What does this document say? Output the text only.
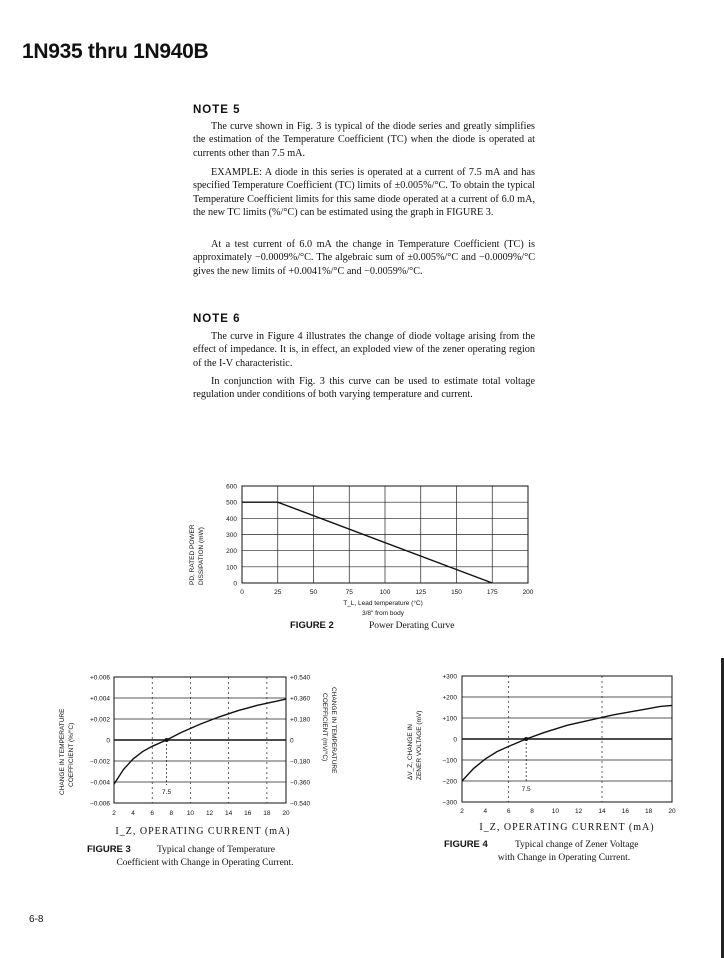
1N935 thru 1N940B
NOTE 5

The curve shown in Fig. 3 is typical of the diode series and greatly simplifies the estimation of the Temperature Coefficient (TC) when the diode is operated at currents other than 7.5 mA.

EXAMPLE: A diode in this series is operated at a current of 7.5 mA and has specified Temperature Coefficient (TC) limits of ±0.005%/°C. To obtain the typical Temperature Coefficient limits for this same diode operated at a current of 6.0 mA, the new TC limits (%/°C) can be estimated using the graph in FIGURE 3.

At a test current of 6.0 mA the change in Temperature Coefficient (TC) is approximately −0.0009%/°C. The algebraic sum of ±0.005%/°C and −0.0009%/°C gives the new limits of +0.0041%/°C and −0.0059%/°C.

NOTE 6

The curve in Figure 4 illustrates the change of diode voltage arising from the effect of impedance. It is, in effect, an exploded view of the zener operating region of the I-V characteristic.

In conjunction with Fig. 3 this curve can be used to estimate total voltage regulation under conditions of both varying temperature and current.

0	25	50	75	100	125	150	175	200
0
100
200
300
400
500
600
PD, RATED POWER DISSIPATION (mW)
T_L, Lead temperature (°C)
3/8" from body
FIGURE 2	Power Derating Curve
7.5
2 4 6 8 10 12 14 16 18 20
+0.006
+0.004
+0.002
0
−0.002
−0.004
−0.006
+0.540
+0.360
+0.180
0
−0.180
−0.360
−0.540
CHANGE IN TEMPERATURE COEFFICIENT (%/°C)	CHANGE IN TEMPERATURE
COEFFICIENT (mV/°C)
I_Z, OPERATING CURRENT (mA)
FIGURE 3	Typical change of Temperature
Coefficient with Change in Operating Current.
7.5
2	4	6	8	10 12 14 16 18 20
+300
+200
+100
0
−100
−200
−300
ΔV_Z, CHANGE IN ZENER VOLTAGE (mV)
I_Z, OPERATING CURRENT (mA)
FIGURE 4	Typical change of Zener Voltage
with Change in Operating Current.
6-8
